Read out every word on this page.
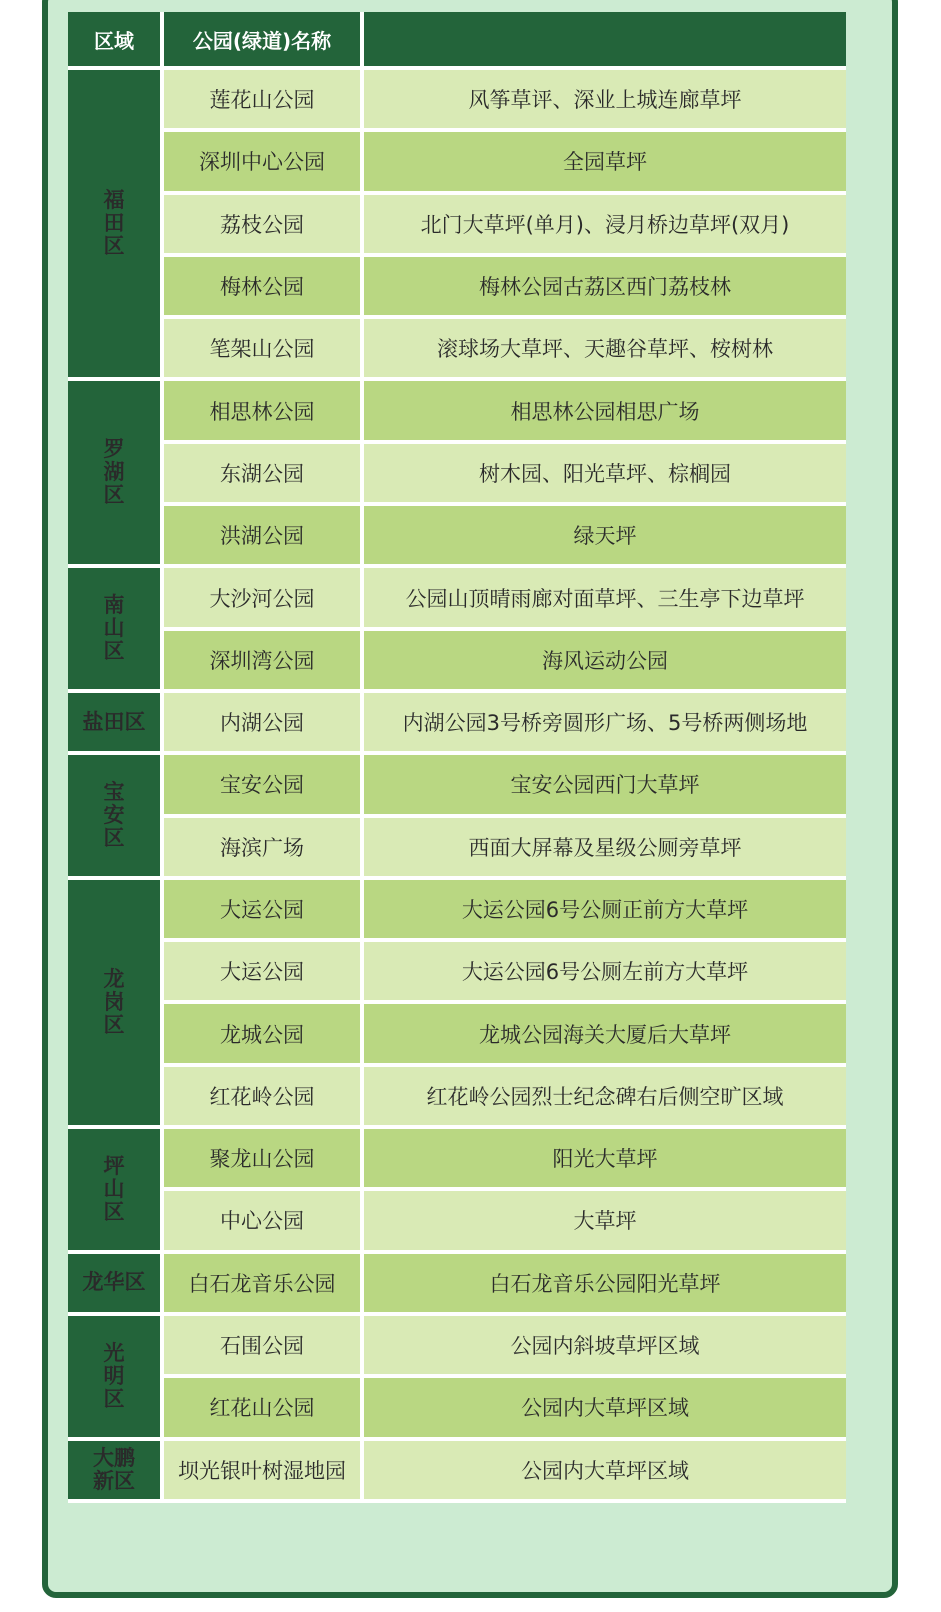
区域	公园(绿道)名称	
福田区	莲花山公园	风筝草评、深业上城连廊草坪
	深圳中心公园	全园草坪
	荔枝公园	北门大草坪(单月)、浸月桥边草坪(双月)
	梅林公园	梅林公园古荔区西门荔枝林
	笔架山公园	滚球场大草坪、天趣谷草坪、桉树林
罗湖区	相思林公园	相思林公园相思广场
	东湖公园	树木园、阳光草坪、棕榈园
	洪湖公园	绿天坪
南山区	大沙河公园	公园山顶晴雨廊对面草坪、三生亭下边草坪
	深圳湾公园	海风运动公园
盐田区	内湖公园	内湖公园3号桥旁圆形广场、5号桥两侧场地
宝安区	宝安公园	宝安公园西门大草坪
	海滨广场	西面大屏幕及星级公厕旁草坪
龙岗区	大运公园	大运公园6号公厕正前方大草坪
	大运公园	大运公园6号公厕左前方大草坪
	龙城公园	龙城公园海关大厦后大草坪
	红花岭公园	红花岭公园烈士纪念碑右后侧空旷区域
坪山区	聚龙山公园	阳光大草坪
	中心公园	大草坪
龙华区	白石龙音乐公园	白石龙音乐公园阳光草坪
光明区	石围公园	公园内斜坡草坪区域
	红花山公园	公园内大草坪区域
大鹏新区	坝光银叶树湿地园	公园内大草坪区域
